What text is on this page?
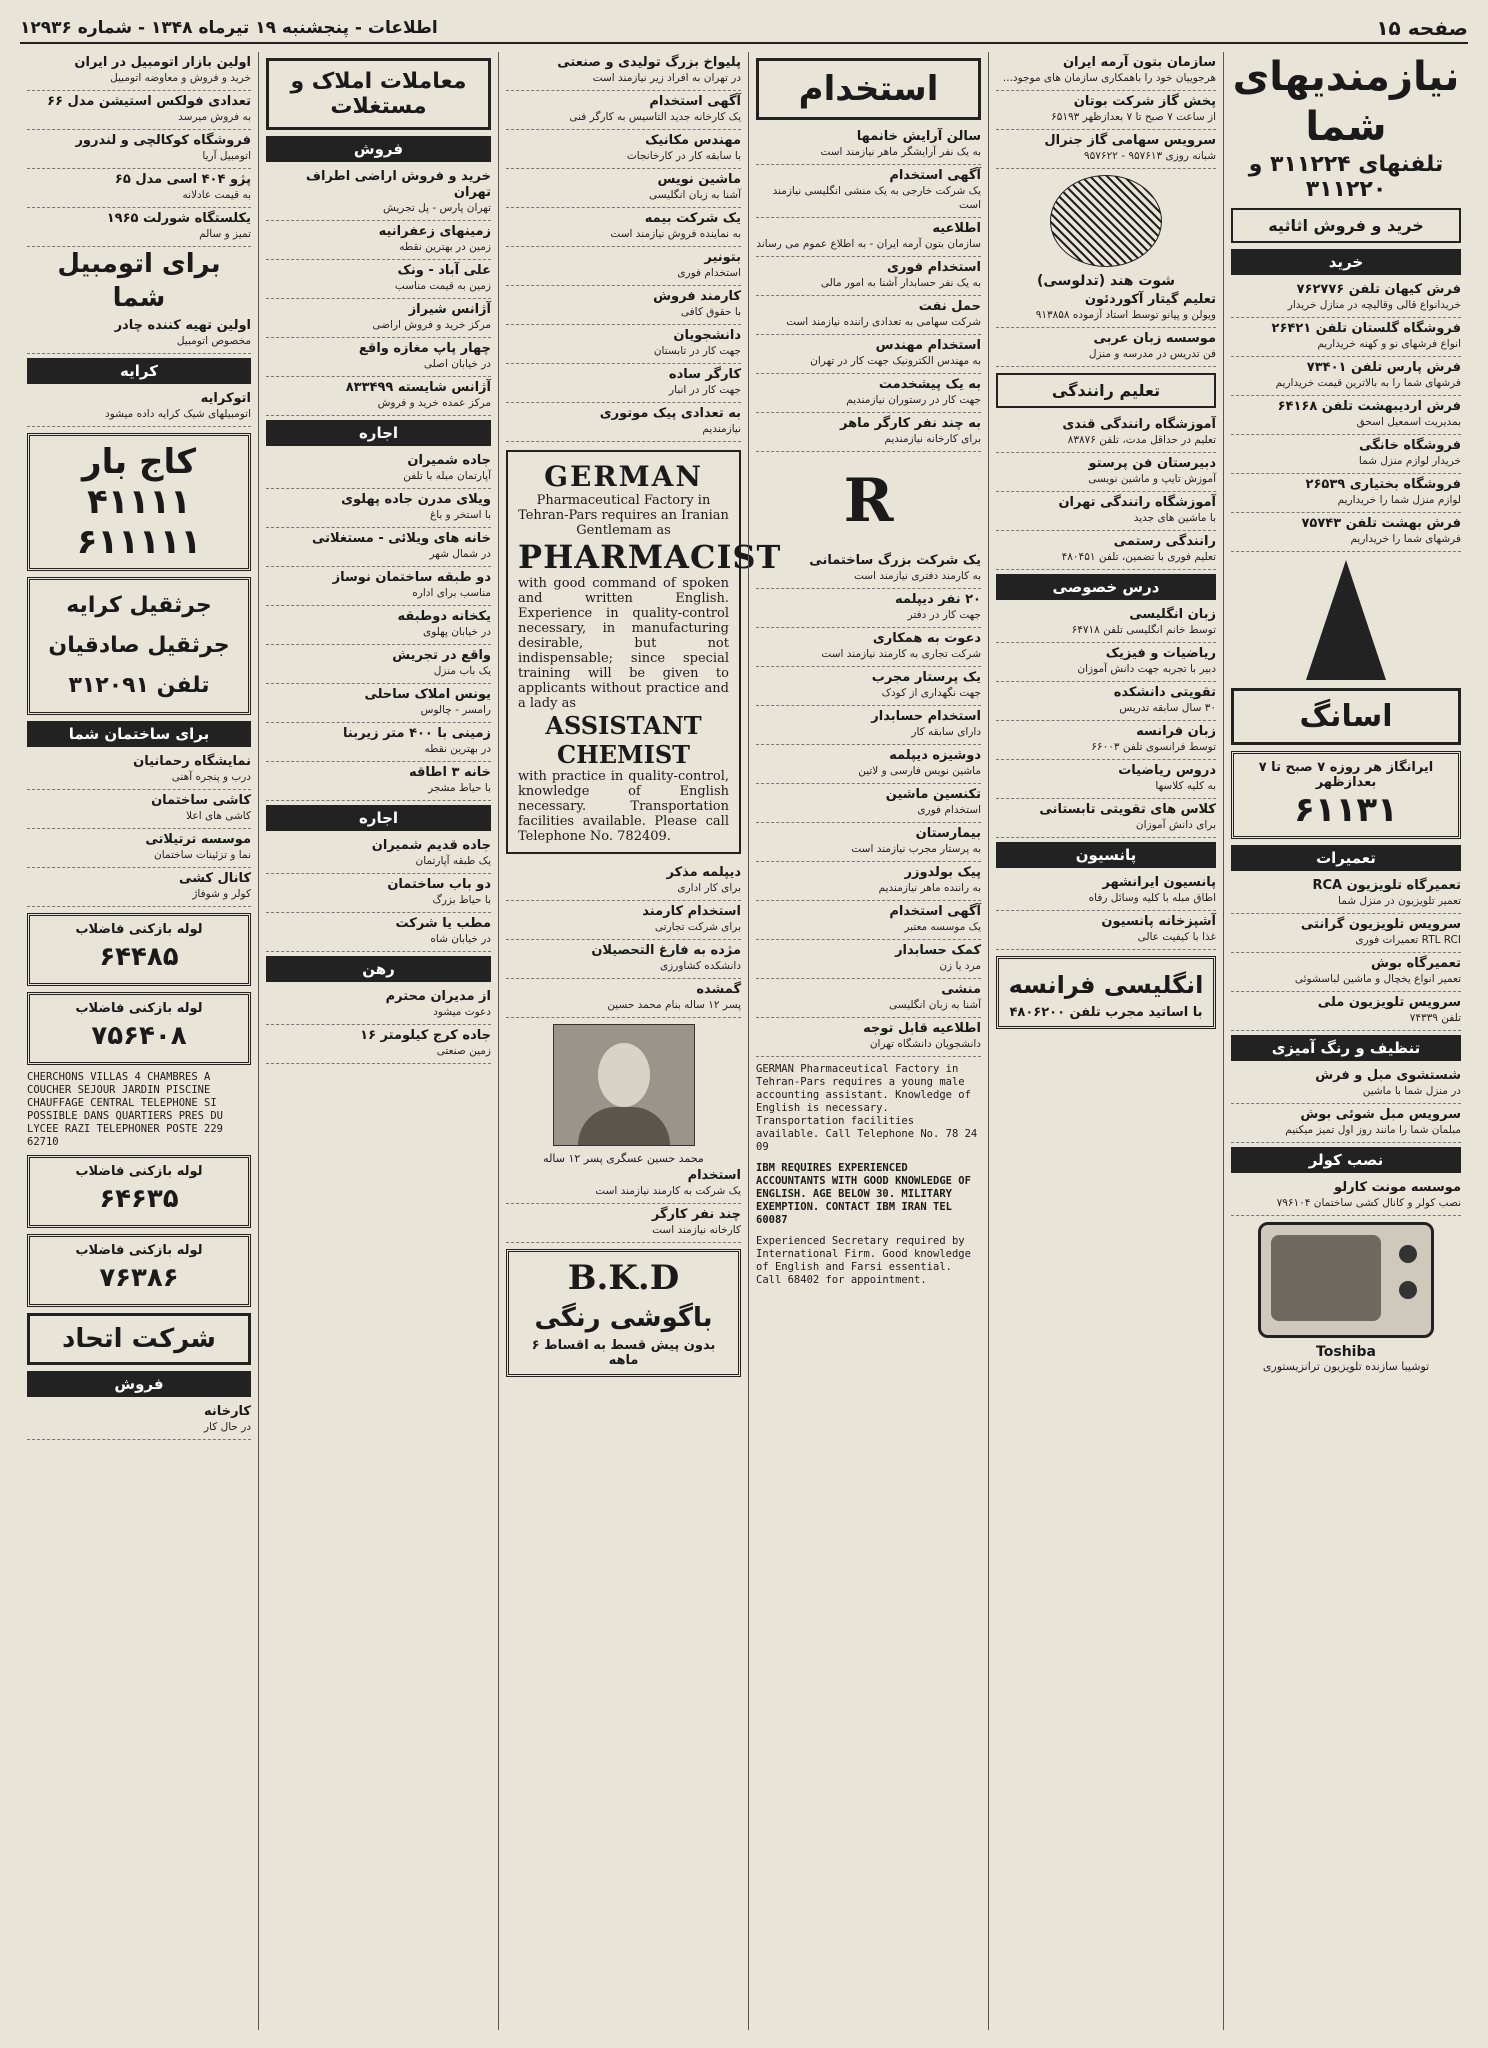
صفحه ۱۵
اطلاعات - پنجشنبه ۱۹ تیرماه ۱۳۴۸ - شماره ۱۲۹۳۶
نیازمندیهای شما
تلفنهای ۳۱۱۲۲۴ و ۳۱۱۲۲۰
خرید و فروش اثاثیه
خرید
فرش کیهان تلفن ۷۶۲۷۷۶
خریدانواع قالی وقالیچه در منازل خریدار
فروشگاه گلستان تلفن ۲۶۴۲۱
انواع فرشهای نو و کهنه خریداریم
فرش پارس تلفن ۷۳۴۰۱
فرشهای شما را به بالاترین قیمت خریداریم
فرش اردیبهشت تلفن ۶۴۱۶۸
بمدیریت اسمعیل اسحق
فروشگاه خانگی
خریدار لوازم منزل شما
فروشگاه بختیاری ۲۶۵۳۹
لوازم منزل شما را خریداریم
فرش بهشت تلفن ۷۵۷۴۳
فرشهای شما را خریداریم
اسانگ
ایرانگاز هر روزه ۷ صبح تا ۷ بعدازظهر
۶۱۱۳۱
تعمیرات
تعمیرگاه تلویزیون RCA
تعمیر تلویزیون در منزل شما
سرویس تلویزیون گرانتی
RTL RCI تعمیرات فوری
تعمیرگاه بوش
تعمیر انواع یخچال و ماشین لباسشوئی
سرویس تلویزیون ملی
تلفن ۷۴۳۳۹
تنظیف و رنگ آمیزی
شستشوی مبل و فرش
در منزل شما با ماشین
سرویس مبل شوئی بوش
مبلمان شما را مانند روز اول تمیز میکنیم
نصب کولر
موسسه مونت کارلو
نصب کولر و کانال کشی ساختمان ۷۹۶۱۰۴
Toshiba
توشیبا سازنده تلویزیون ترانزیستوری
سازمان بتون آرمه ایران
هرجوییان خود را باهمکاری سازمان های موجود...
پخش گاز شرکت بوتان
از ساعت ۷ صبح تا ۷ بعدازظهر ۶۵۱۹۳
سرویس سهامی گاز جنرال
شبانه روزی ۹۵۷۶۱۳ - ۹۵۷۶۲۲
شوت هند (تدلوسی)
تعلیم گیتار آکوردئون
ویولن و پیانو توسط استاد آزموده ۹۱۳۸۵۸
موسسه زبان عربی
فن تدریس در مدرسه و منزل
تعلیم رانندگی
آموزشگاه رانندگی قندی
تعلیم در حداقل مدت، تلفن ۸۳۸۷۶
دبیرستان فن پرستو
آموزش تایپ و ماشین نویسی
آموزشگاه رانندگی تهران
با ماشین های جدید
رانندگی رستمی
تعلیم فوری با تضمین، تلفن ۴۸۰۴۵۱
درس خصوصی
زبان انگلیسی
توسط خانم انگلیسی تلفن ۶۴۷۱۸
ریاضیات و فیزیک
دبیر با تجربه جهت دانش آموزان
تقویتی دانشکده
۳۰ سال سابقه تدریس
زبان فرانسه
توسط فرانسوی تلفن ۶۶۰۰۳
دروس ریاضیات
به کلیه کلاسها
کلاس های تقویتی تابستانی
برای دانش آموزان
پانسیون
پانسیون ایرانشهر
اطاق مبله با کلیه وسائل رفاه
آشپزخانه پانسیون
غذا با کیفیت عالی
انگلیسی فرانسه
با اساتید مجرب تلفن ۴۸۰۶۲۰۰
استخدام
سالن آرایش خانمها
به یک نفر آرایشگر ماهر نیازمند است
آگهی استخدام
یک شرکت خارجی به یک منشی انگلیسی نیازمند است
اطلاعیه
سازمان بتون آرمه ایران - به اطلاع عموم می رساند
استخدام فوری
به یک نفر حسابدار آشنا به امور مالی
حمل نفت
شرکت سهامی به تعدادی راننده نیازمند است
استخدام مهندس
به مهندس الکترونیک جهت کار در تهران
به یک پیشخدمت
جهت کار در رستوران نیازمندیم
به چند نفر کارگر ماهر
برای کارخانه نیازمندیم
R
یک شرکت بزرگ ساختمانی
به کارمند دفتری نیازمند است
۲۰ نفر دیپلمه
جهت کار در دفتر
دعوت به همکاری
شرکت تجاری به کارمند نیازمند است
یک پرستار مجرب
جهت نگهداری از کودک
استخدام حسابدار
دارای سابقه کار
دوشیزه دیپلمه
ماشین نویس فارسی و لاتین
تکنسین ماشین
استخدام فوری
بیمارستان
به پرستار مجرب نیازمند است
پیک بولدوزر
به راننده ماهر نیازمندیم
آگهی استخدام
یک موسسه معتبر
کمک حسابدار
مرد یا زن
منشی
آشنا به زبان انگلیسی
اطلاعیه قابل توجه
دانشجویان دانشگاه تهران
GERMAN Pharmaceutical Factory in Tehran-Pars requires a young male accounting assistant. Knowledge of English is necessary. Transportation facilities available. Call Telephone No. 78 24 09
IBM REQUIRES EXPERIENCED ACCOUNTANTS WITH GOOD KNOWLEDGE OF ENGLISH. AGE BELOW 30. MILITARY EXEMPTION. CONTACT IBM IRAN TEL 60087
Experienced Secretary required by International Firm. Good knowledge of English and Farsi essential. Call 68402 for appointment.
پلیواخ بزرگ تولیدی و صنعتی
در تهران به افراد زیر نیازمند است
آگهی استخدام
یک کارخانه جدید التاسیس به کارگر فنی
مهندس مکانیک
با سابقه کار در کارخانجات
ماشین نویس
آشنا به زبان انگلیسی
یک شرکت بیمه
به نماینده فروش نیازمند است
بتونیر
استخدام فوری
کارمند فروش
با حقوق کافی
دانشجویان
جهت کار در تابستان
کارگر ساده
جهت کار در انبار
به تعدادی پیک موتوری
نیازمندیم
GERMAN
Pharmaceutical Factory in Tehran-Pars requires an Iranian Gentlemam as
PHARMACIST
with good command of spoken and written English. Experience in quality-control necessary, in manufacturing desirable, but not indispensable; since special training will be given to applicants without practice and a lady as
ASSISTANT CHEMIST
with practice in quality-control, knowledge of English necessary. Transportation facilities available. Please call Telephone No. 782409.
دیپلمه مذکر
برای کار اداری
استخدام کارمند
برای شرکت تجارتی
مژده به فارغ التحصیلان
دانشکده کشاورزی
گمشده
پسر ۱۲ ساله بنام محمد حسین
محمد حسین عسگری پسر ۱۲ ساله
استخدام
یک شرکت به کارمند نیازمند است
چند نفر کارگر
کارخانه نیازمند است
B.K.D
باگوشی رنگی
بدون پیش قسط به اقساط ۶ ماهه
معاملات املاک و مستغلات
فروش
خرید و فروش اراضی اطراف تهران
تهران پارس - پل تجریش
زمینهای زعفرانیه
زمین در بهترین نقطه
علی آباد - ونک
زمین به قیمت مناسب
آژانس شیراز
مرکز خرید و فروش اراضی
چهار پاپ مغازه واقع
در خیابان اصلی
آژانس شایسته ۸۳۳۴۹۹
مرکز عمده خرید و فروش
اجاره
جاده شمیران
آپارتمان مبله با تلفن
ویلای مدرن جاده پهلوی
با استخر و باغ
خانه های ویلائی - مستغلاتی
در شمال شهر
دو طبقه ساختمان نوساز
مناسب برای اداره
یکخانه دوطبقه
در خیابان پهلوی
واقع در تجریش
یک باب منزل
یونس املاک ساحلی
رامسر - چالوس
زمینی با ۴۰۰ متر زیربنا
در بهترین نقطه
خانه ۳ اطاقه
با حیاط مشجر
اجاره
جاده قدیم شمیران
یک طبقه آپارتمان
دو باب ساختمان
با حیاط بزرگ
مطب یا شرکت
در خیابان شاه
رهن
از مدیران محترم
دعوت میشود
جاده کرج کیلومتر ۱۶
زمین صنعتی
اولین بازار اتومبیل در ایران
خرید و فروش و معاوضه اتومبیل
تعدادی فولکس استیشن مدل ۶۶
به فروش میرسد
فروشگاه کوکالچی و لندرور
اتومبیل آریا
پژو ۴۰۴ اسی مدل ۶۵
به قیمت عادلانه
یکلستگاه شورلت ۱۹۶۵
تمیز و سالم
برای اتومبیل شما
اولین تهیه کننده چادر
مخصوص اتومبیل
کرایه
اتوکرایه
اتومبیلهای شیک کرایه داده میشود
کاج بار
۴۱۱۱۱
۶۱۱۱۱۱
جرثقیل کرایه
جرثقیل صادقیان
تلفن ۳۱۲۰۹۱
برای ساختمان شما
نمایشگاه رحمانیان
درب و پنجره آهنی
کاشی ساختمان
کاشی های اعلا
موسسه ترتیلاتی
نما و تزئینات ساختمان
کانال کشی
کولر و شوفاژ
لوله بازکنی فاضلاب
۶۴۴۸۵
لوله بازکنی فاضلاب
۷۵۶۴۰۸
CHERCHONS VILLAS 4 CHAMBRES A COUCHER SEJOUR JARDIN PISCINE CHAUFFAGE CENTRAL TELEPHONE SI POSSIBLE DANS QUARTIERS PRES DU LYCEE RAZI TELEPHONER POSTE 229 62710
لوله بازکنی فاضلاب
۶۴۶۳۵
لوله بازکنی فاضلاب
۷۶۳۸۶
شرکت اتحاد
فروش
کارخانه
در حال کار
